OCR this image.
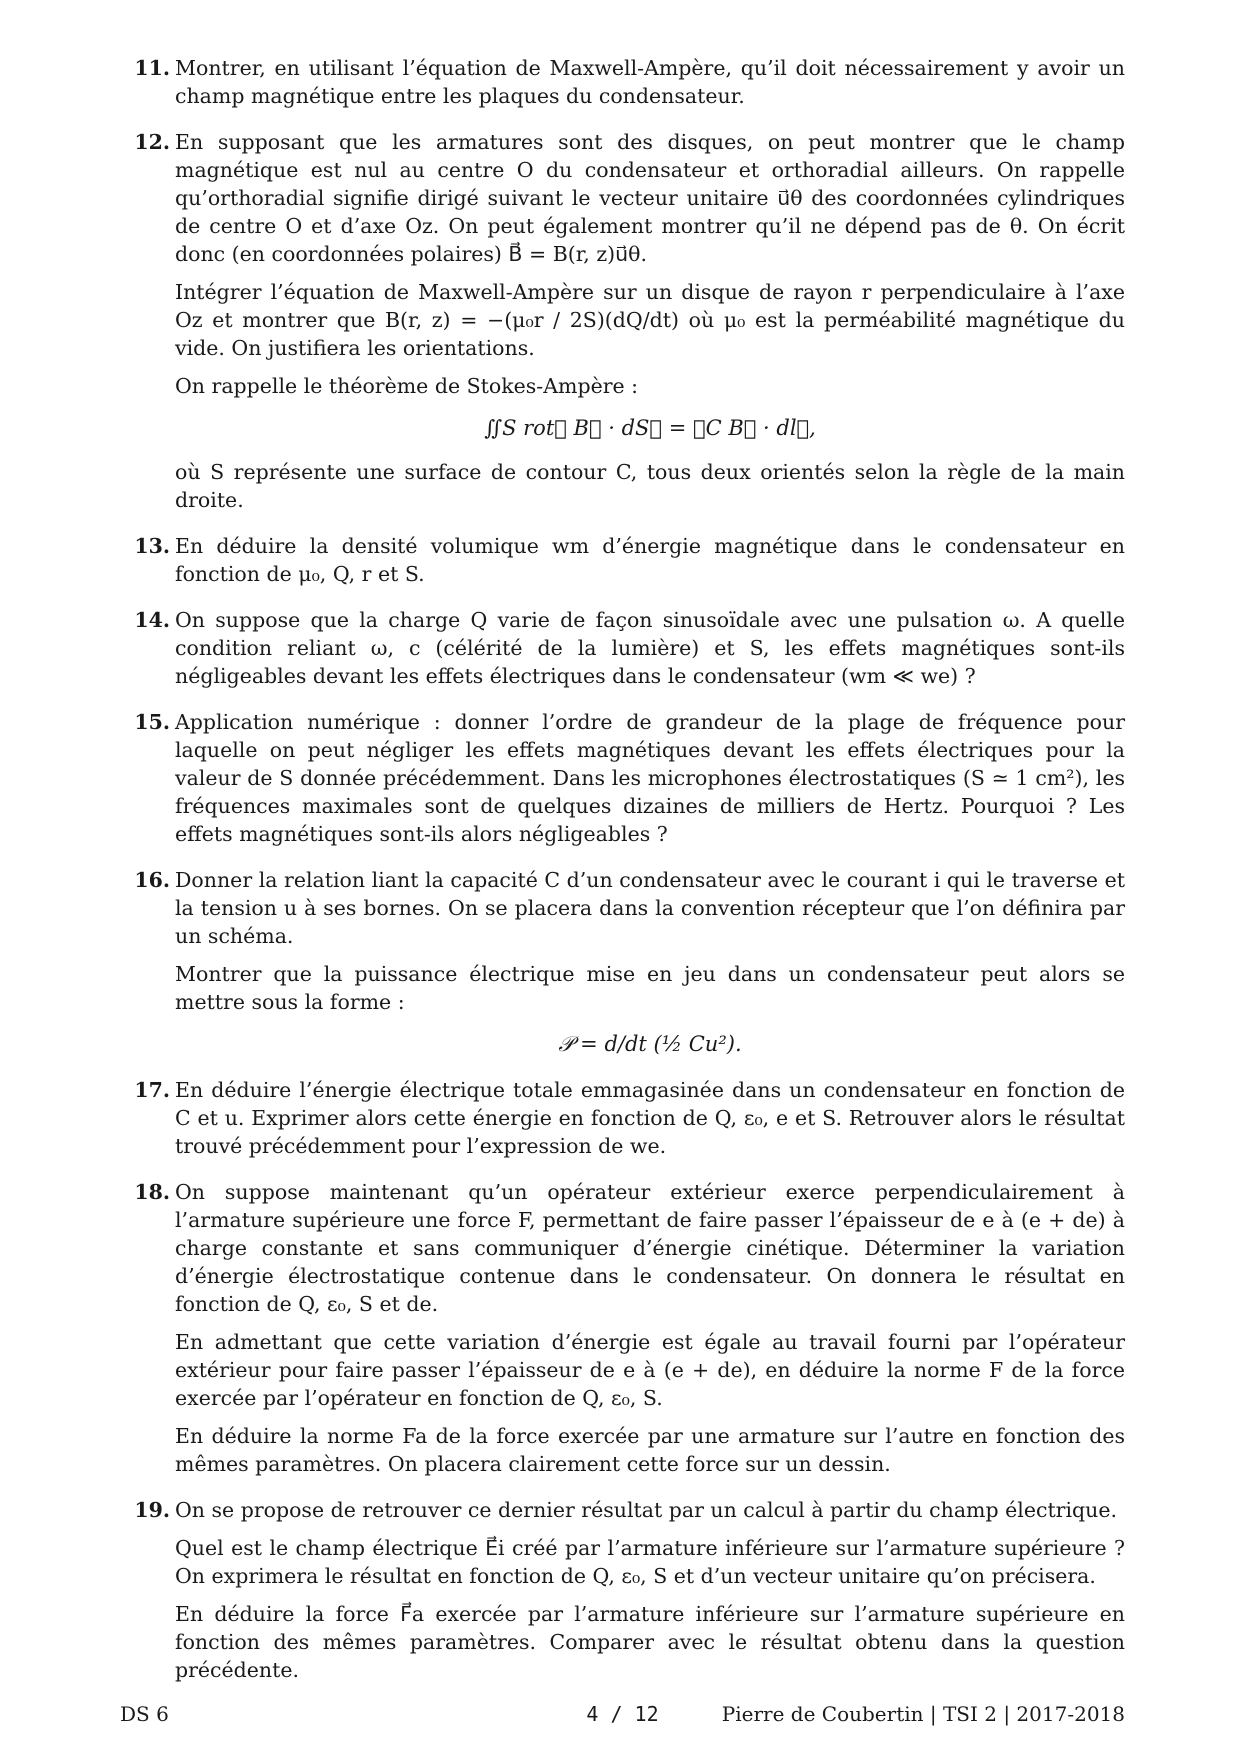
11. Montrer, en utilisant l’équation de Maxwell-Ampère, qu’il doit nécessairement y avoir un champ magnétique entre les plaques du condensateur.

12. En supposant que les armatures sont des disques, on peut montrer que le champ magnétique est nul au centre O du condensateur et orthoradial ailleurs. On rappelle qu’orthoradial signifie dirigé suivant le vecteur unitaire u⃗θ des coordonnées cylindriques de centre O et d’axe Oz. On peut également montrer qu’il ne dépend pas de θ. On écrit donc (en coordonnées polaires) B⃗ = B(r, z)u⃗θ.

Intégrer l’équation de Maxwell-Ampère sur un disque de rayon r perpendiculaire à l’axe Oz et montrer que B(r, z) = −(μ₀r / 2S)(dQ/dt) où μ₀ est la perméabilité magnétique du vide. On justifiera les orientations.

On rappelle le théorème de Stokes-Ampère :

∬S rot⃗ B⃗ · dS⃗ = ∮C B⃗ · dl⃗,

où S représente une surface de contour C, tous deux orientés selon la règle de la main droite.

13. En déduire la densité volumique wm d’énergie magnétique dans le condensateur en fonction de μ₀, Q, r et S.

14. On suppose que la charge Q varie de façon sinusoïdale avec une pulsation ω. A quelle condition reliant ω, c (célérité de la lumière) et S, les effets magnétiques sont-ils négligeables devant les effets électriques dans le condensateur (wm ≪ we) ?

15. Application numérique : donner l’ordre de grandeur de la plage de fréquence pour laquelle on peut négliger les effets magnétiques devant les effets électriques pour la valeur de S donnée précédemment. Dans les microphones électrostatiques (S ≃ 1 cm²), les fréquences maximales sont de quelques dizaines de milliers de Hertz. Pourquoi ? Les effets magnétiques sont-ils alors négligeables ?

16. Donner la relation liant la capacité C d’un condensateur avec le courant i qui le traverse et la tension u à ses bornes. On se placera dans la convention récepteur que l’on définira par un schéma.

Montrer que la puissance électrique mise en jeu dans un condensateur peut alors se mettre sous la forme :

𝒫 = d/dt (½ Cu²).
17. En déduire l’énergie électrique totale emmagasinée dans un condensateur en fonction de C et u. Exprimer alors cette énergie en fonction de Q, ε₀, e et S. Retrouver alors le résultat trouvé précédemment pour l’expression de we.

18. On suppose maintenant qu’un opérateur extérieur exerce perpendiculairement à l’armature supérieure une force F, permettant de faire passer l’épaisseur de e à (e + de) à charge constante et sans communiquer d’énergie cinétique. Déterminer la variation d’énergie électrostatique contenue dans le condensateur. On donnera le résultat en fonction de Q, ε₀, S et de.

En admettant que cette variation d’énergie est égale au travail fourni par l’opérateur extérieur pour faire passer l’épaisseur de e à (e + de), en déduire la norme F de la force exercée par l’opérateur en fonction de Q, ε₀, S.

En déduire la norme Fa de la force exercée par une armature sur l’autre en fonction des mêmes paramètres. On placera clairement cette force sur un dessin.

19. On se propose de retrouver ce dernier résultat par un calcul à partir du champ électrique.

Quel est le champ électrique E⃗i créé par l’armature inférieure sur l’armature supérieure ? On exprimera le résultat en fonction de Q, ε₀, S et d’un vecteur unitaire qu’on précisera.

En déduire la force F⃗a exercée par l’armature inférieure sur l’armature supérieure en fonction des mêmes paramètres. Comparer avec le résultat obtenu dans la question précédente.

DS 6	4 / 12	Pierre de Coubertin | TSI 2 | 2017-2018
